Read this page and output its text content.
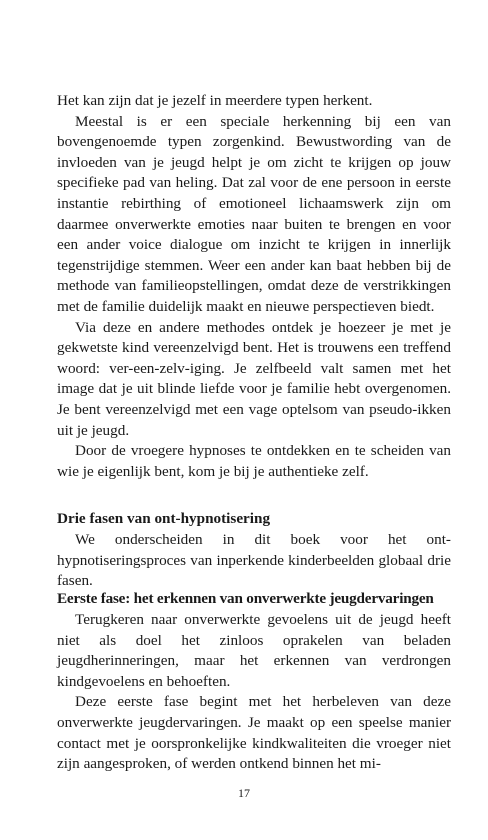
Het kan zijn dat je jezelf in meerdere typen herkent.

Meestal is er een speciale herkenning bij een van bovengenoemde typen zorgenkind. Bewustwording van de invloeden van je jeugd helpt je om zicht te krijgen op jouw specifieke pad van heling. Dat zal voor de ene persoon in eerste instantie rebirthing of emotioneel lichaamswerk zijn om daarmee onverwerkte emoties naar buiten te brengen en voor een ander voice dialogue om inzicht te krijgen in innerlijk tegenstrijdige stemmen. Weer een ander kan baat hebben bij de methode van familieopstellingen, omdat deze de verstrikkingen met de familie duidelijk maakt en nieuwe perspectieven biedt.

Via deze en andere methodes ontdek je hoezeer je met je gekwetste kind vereenzelvigd bent. Het is trouwens een treffend woord: ver-een-zelv-iging. Je zelfbeeld valt samen met het image dat je uit blinde liefde voor je familie hebt overgenomen. Je bent vereenzelvigd met een vage optelsom van pseudo-ikken uit je jeugd.

Door de vroegere hypnoses te ontdekken en te scheiden van wie je eigenlijk bent, kom je bij je authentieke zelf.

Drie fasen van ont-hypnotisering

We onderscheiden in dit boek voor het ont-hypnotiseringsproces van inperkende kinderbeelden globaal drie fasen.

Eerste fase: het erkennen van onverwerkte jeugdervaringen

Terugkeren naar onverwerkte gevoelens uit de jeugd heeft niet als doel het zinloos oprakelen van beladen jeugdherinneringen, maar het erkennen van verdrongen kindgevoelens en behoeften.

Deze eerste fase begint met het herbeleven van deze onverwerkte jeugdervaringen. Je maakt op een speelse manier contact met je oorspronkelijke kindkwaliteiten die vroeger niet zijn aangesproken, of werden ontkend binnen het mi-

17
